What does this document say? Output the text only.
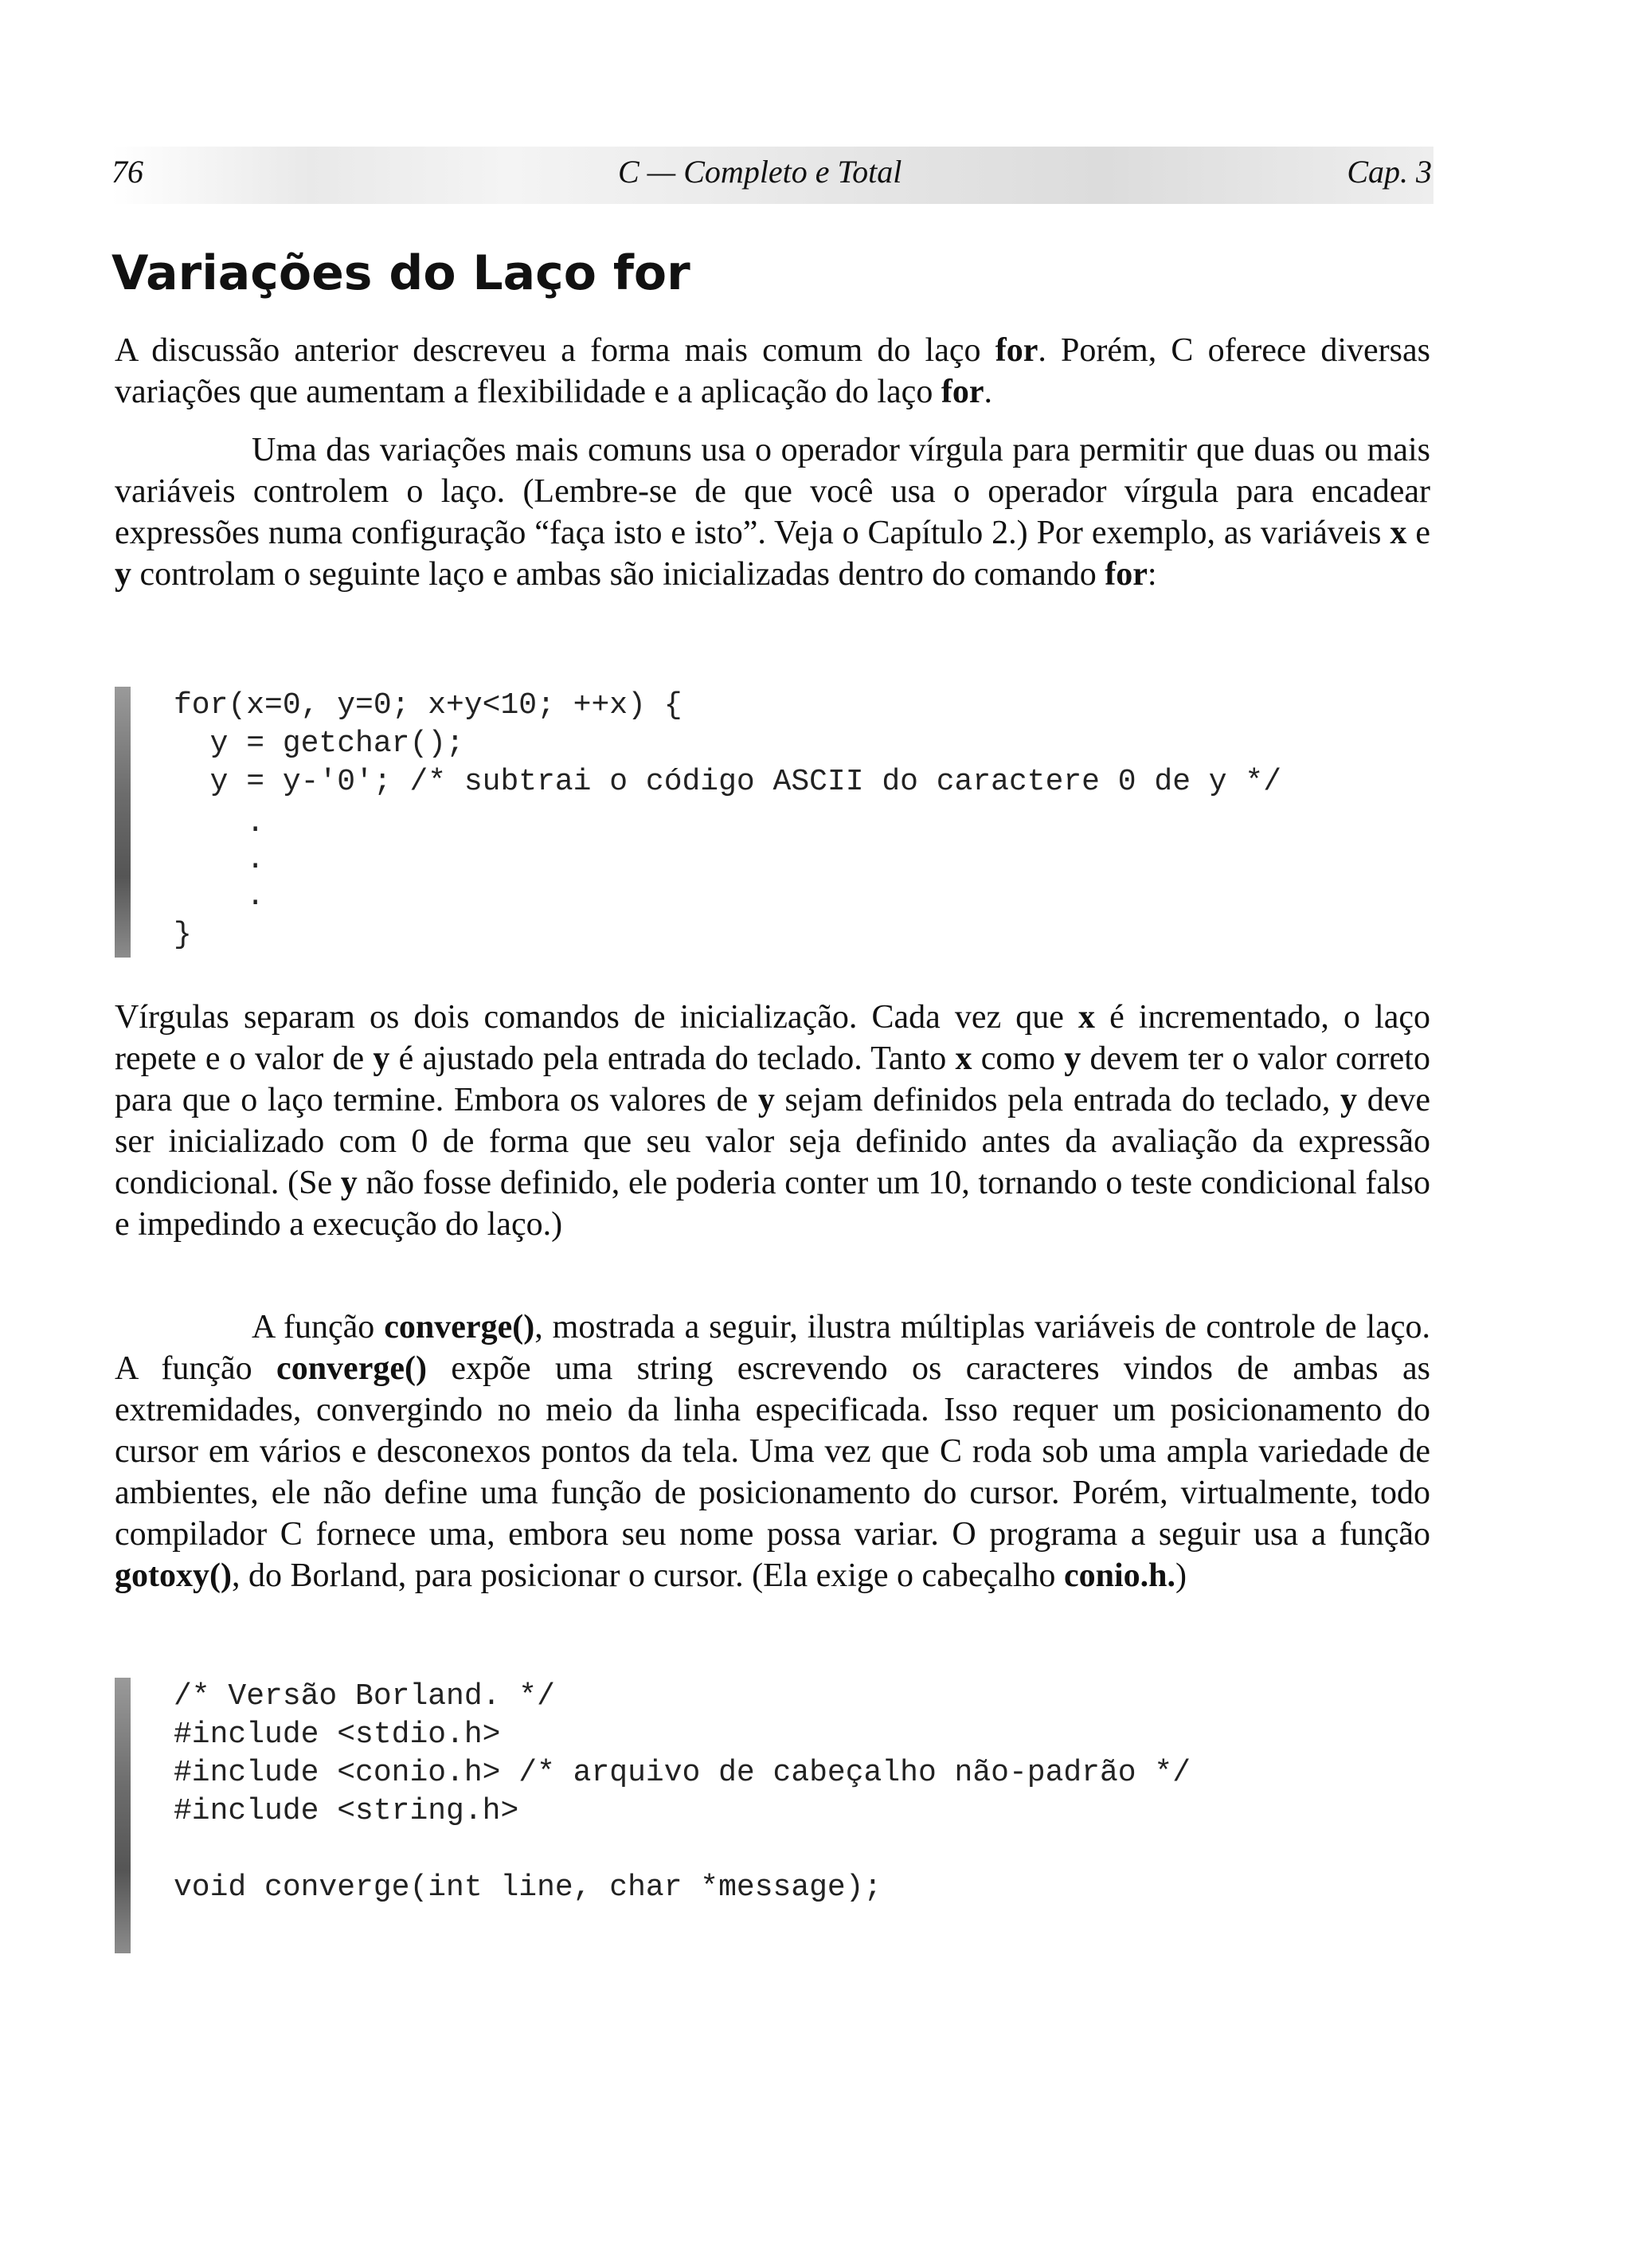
76	C — Completo e Total	Cap. 3
Variações do Laço for

A discussão anterior descreveu a forma mais comum do laço for. Porém, C oferece diversas variações que aumentam a flexibilidade e a aplicação do laço for.

Uma das variações mais comuns usa o operador vírgula para permitir que duas ou mais variáveis controlem o laço. (Lembre-se de que você usa o operador vírgula para encadear expressões numa configuração “faça isto e isto”. Veja o Capítulo 2.) Por exemplo, as variáveis x e y controlam o seguinte laço e ambas são inicializadas dentro do comando for:

for(x=0, y=0; x+y<10; ++x) {
y = getchar();
y = y-'0'; /* subtrai o código ASCII do caractere 0 de y */
.
.
.
}

Vírgulas separam os dois comandos de inicialização. Cada vez que x é incrementado, o laço repete e o valor de y é ajustado pela entrada do teclado. Tanto x como y devem ter o valor correto para que o laço termine. Embora os valores de y sejam definidos pela entrada do teclado, y deve ser inicializado com 0 de forma que seu valor seja definido antes da avaliação da expressão condicional. (Se y não fosse definido, ele poderia conter um 10, tornando o teste condicional falso e impedindo a execução do laço.)

A função converge(), mostrada a seguir, ilustra múltiplas variáveis de controle de laço. A função converge() expõe uma string escrevendo os caracteres vindos de ambas as extremidades, convergindo no meio da linha especificada. Isso requer um posicionamento do cursor em vários e desconexos pontos da tela. Uma vez que C roda sob uma ampla variedade de ambientes, ele não define uma função de posicionamento do cursor. Porém, virtualmente, todo compilador C fornece uma, embora seu nome possa variar. O programa a seguir usa a função gotoxy(), do Borland, para posicionar o cursor. (Ela exige o cabeçalho conio.h.)

/* Versão Borland. */
#include <stdio.h>
#include <conio.h> /* arquivo de cabeçalho não-padrão */
#include <string.h>
void converge(int line, char *message);
